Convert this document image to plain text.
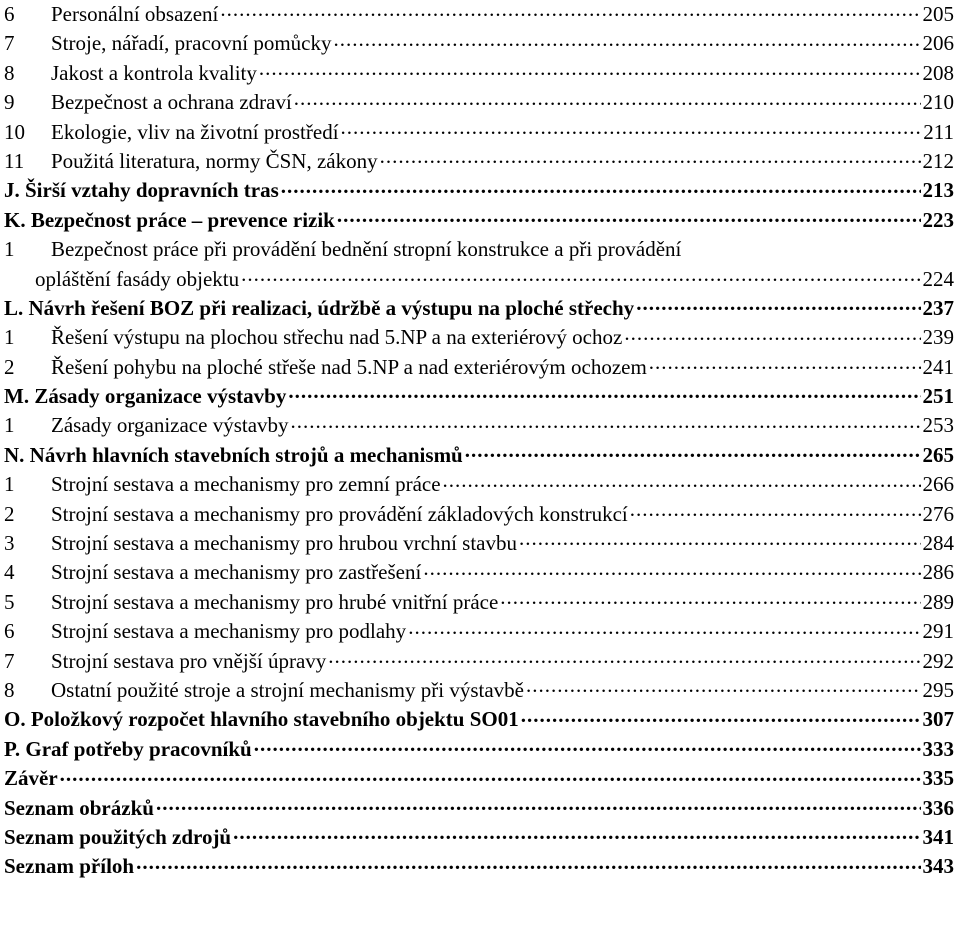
6	Personální obsazení .....	205
7	Stroje, nářadí, pracovní pomůcky .....	206
8	Jakost a kontrola kvality .....	208
9	Bezpečnost a ochrana zdraví .....	210
10	Ekologie, vliv na životní prostředí .....	211
11	Použitá literatura, normy ČSN, zákony .....	212
J. Širší vztahy dopravních tras .....	213
K. Bezpečnost práce – prevence rizik .....	223
1	Bezpečnost práce při provádění bednění stropní konstrukce a při provádění
opláštění fasády objektu .....	224
L. Návrh řešení BOZ při realizaci, údržbě a výstupu na ploché střechy .....	237
1	Řešení výstupu na plochou střechu nad 5.NP a na exteriérový ochoz .....	239
2	Řešení pohybu na ploché střeše nad 5.NP a nad exteriérovým ochozem .....	241
M. Zásady organizace výstavby .....	251
1	Zásady organizace výstavby .....	253
N. Návrh hlavních stavebních strojů a mechanismů .....	265
1	Strojní sestava a mechanismy pro zemní práce .....	266
2	Strojní sestava a mechanismy pro provádění základových konstrukcí .....	276
3	Strojní sestava a mechanismy pro hrubou vrchní stavbu .....	284
4	Strojní sestava a mechanismy pro zastřešení .....	286
5	Strojní sestava a mechanismy pro hrubé vnitřní práce .....	289
6	Strojní sestava a mechanismy pro podlahy .....	291
7	Strojní sestava pro vnější úpravy .....	292
8	Ostatní použité stroje a strojní mechanismy při výstavbě .....	295
O. Položkový rozpočet hlavního stavebního objektu SO01 .....	307
P. Graf potřeby pracovníků .....	333
Závěr .....	335
Seznam obrázků .....	336
Seznam použitých zdrojů .....	341
Seznam příloh .....	343
